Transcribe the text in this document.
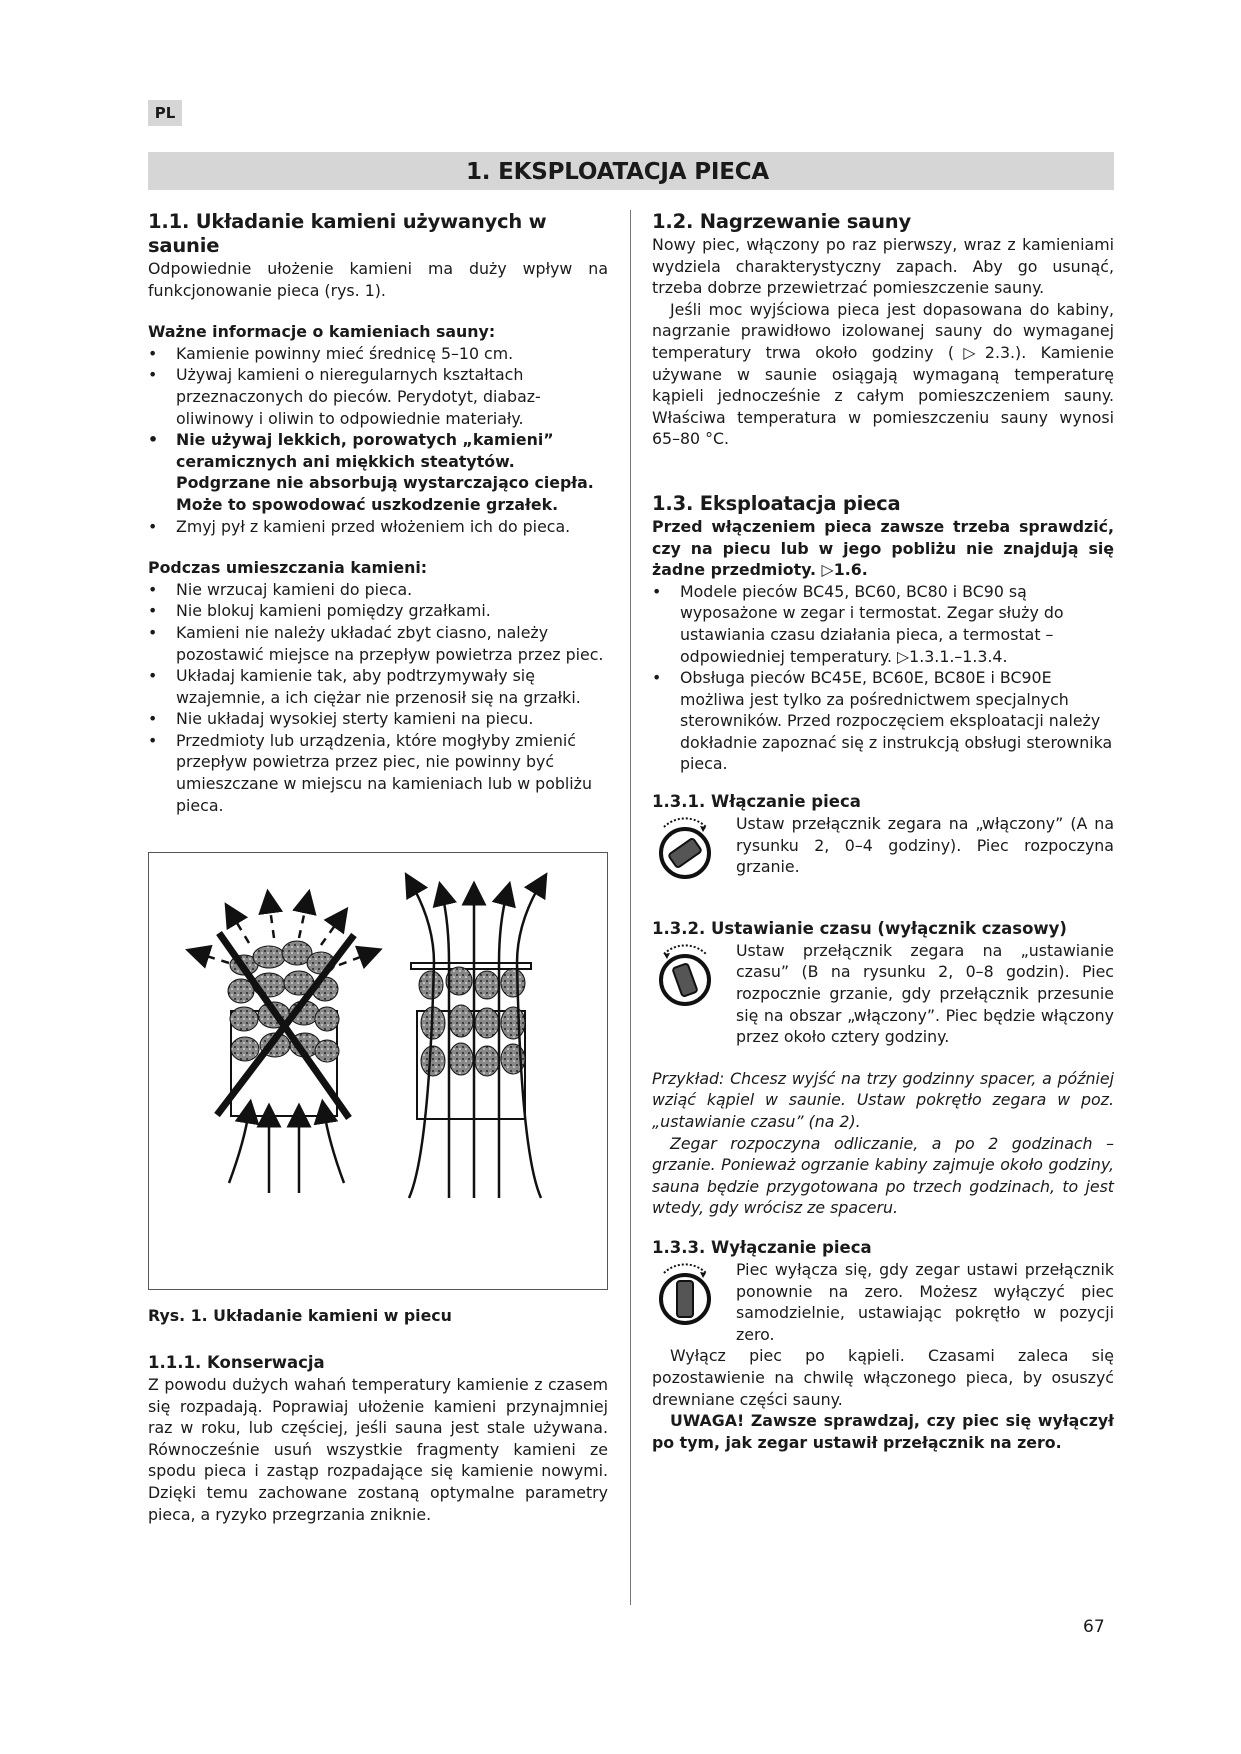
PL
1. EKSPLOATACJA PIECA
1.1. Układanie kamieni używanych w saunie

Odpowiednie ułożenie kamieni ma duży wpływ na funkcjonowanie pieca (rys. 1).

Ważne informacje o kamieniach sauny:

• Kamienie powinny mieć średnicę 5–10 cm.
• Używaj kamieni o nieregularnych kształtach przeznaczonych do pieców. Perydotyt, diabaz-oliwinowy i oliwin to odpowiednie materiały.
• Nie używaj lekkich, porowatych „kamieni” ceramicznych ani miękkich steatytów. Podgrzane nie absorbują wystarczająco ciepła. Może to spowodować uszkodzenie grzałek.
• Zmyj pył z kamieni przed włożeniem ich do pieca.

Podczas umieszczania kamieni:

• Nie wrzucaj kamieni do pieca.
• Nie blokuj kamieni pomiędzy grzałkami.
• Kamieni nie należy układać zbyt ciasno, należy pozostawić miejsce na przepływ powietrza przez piec.
• Układaj kamienie tak, aby podtrzymywały się wzajemnie, a ich ciężar nie przenosił się na grzałki.
• Nie układaj wysokiej sterty kamieni na piecu.
• Przedmioty lub urządzenia, które mogłyby zmienić przepływ powietrza przez piec, nie powinny być umieszczane w miejscu na kamieniach lub w pobliżu pieca.
Rys. 1. Układanie kamieni w piecu
1.1.1. Konserwacja

Z powodu dużych wahań temperatury kamienie z czasem się rozpadają. Poprawiaj ułożenie kamieni przynajmniej raz w roku, lub częściej, jeśli sauna jest stale używana. Równocześnie usuń wszystkie fragmenty kamieni ze spodu pieca i zastąp rozpadające się kamienie nowymi. Dzięki temu zachowane zostaną optymalne parametry pieca, a ryzyko przegrzania zniknie.

1.2. Nagrzewanie sauny

Nowy piec, włączony po raz pierwszy, wraz z kamieniami wydziela charakterystyczny zapach. Aby go usunąć, trzeba dobrze przewietrzać pomieszczenie sauny.

Jeśli moc wyjściowa pieca jest dopasowana do kabiny, nagrzanie prawidłowo izolowanej sauny do wymaganej temperatury trwa około godziny (▷2.3.). Kamienie używane w saunie osiągają wymaganą temperaturę kąpieli jednocześnie z całym pomieszczeniem sauny. Właściwa temperatura w pomieszczeniu sauny wynosi 65–80 °C.

1.3. Eksploatacja pieca

Przed włączeniem pieca zawsze trzeba sprawdzić, czy na piecu lub w jego pobliżu nie znajdują się żadne przedmioty. ▷1.6.

• Modele pieców BC45, BC60, BC80 i BC90 są wyposażone w zegar i termostat. Zegar służy do ustawiania czasu działania pieca, a termostat – odpowiedniej temperatury. ▷1.3.1.–1.3.4.
• Obsługa pieców BC45E, BC60E, BC80E i BC90E możliwa jest tylko za pośrednictwem specjalnych sterowników. Przed rozpoczęciem eksploatacji należy dokładnie zapoznać się z instrukcją obsługi sterownika pieca.
1.3.1. Włączanie pieca

Ustaw przełącznik zegara na „włączony” (A na rysunku 2, 0–4 godziny). Piec rozpoczyna grzanie.

1.3.2. Ustawianie czasu (wyłącznik czasowy)

Ustaw przełącznik zegara na „ustawianie czasu” (B na rysunku 2, 0–8 godzin). Piec rozpocznie grzanie, gdy przełącznik przesunie się na obszar „włączony”. Piec będzie włączony przez około cztery godziny.

Przykład: Chcesz wyjść na trzy godzinny spacer, a później wziąć kąpiel w saunie. Ustaw pokrętło zegara w poz. „ustawianie czasu” (na 2).

Zegar rozpoczyna odliczanie, a po 2 godzinach – grzanie. Ponieważ ogrzanie kabiny zajmuje około godziny, sauna będzie przygotowana po trzech godzinach, to jest wtedy, gdy wrócisz ze spaceru.

1.3.3. Wyłączanie pieca

Piec wyłącza się, gdy zegar ustawi przełącznik ponownie na zero. Możesz wyłączyć piec samodzielnie, ustawiając pokrętło w pozycji zero.

Wyłącz piec po kąpieli. Czasami zaleca się pozostawienie na chwilę włączonego pieca, by osuszyć drewniane części sauny.

UWAGA! Zawsze sprawdzaj, czy piec się wyłączył po tym, jak zegar ustawił przełącznik na zero.

67
